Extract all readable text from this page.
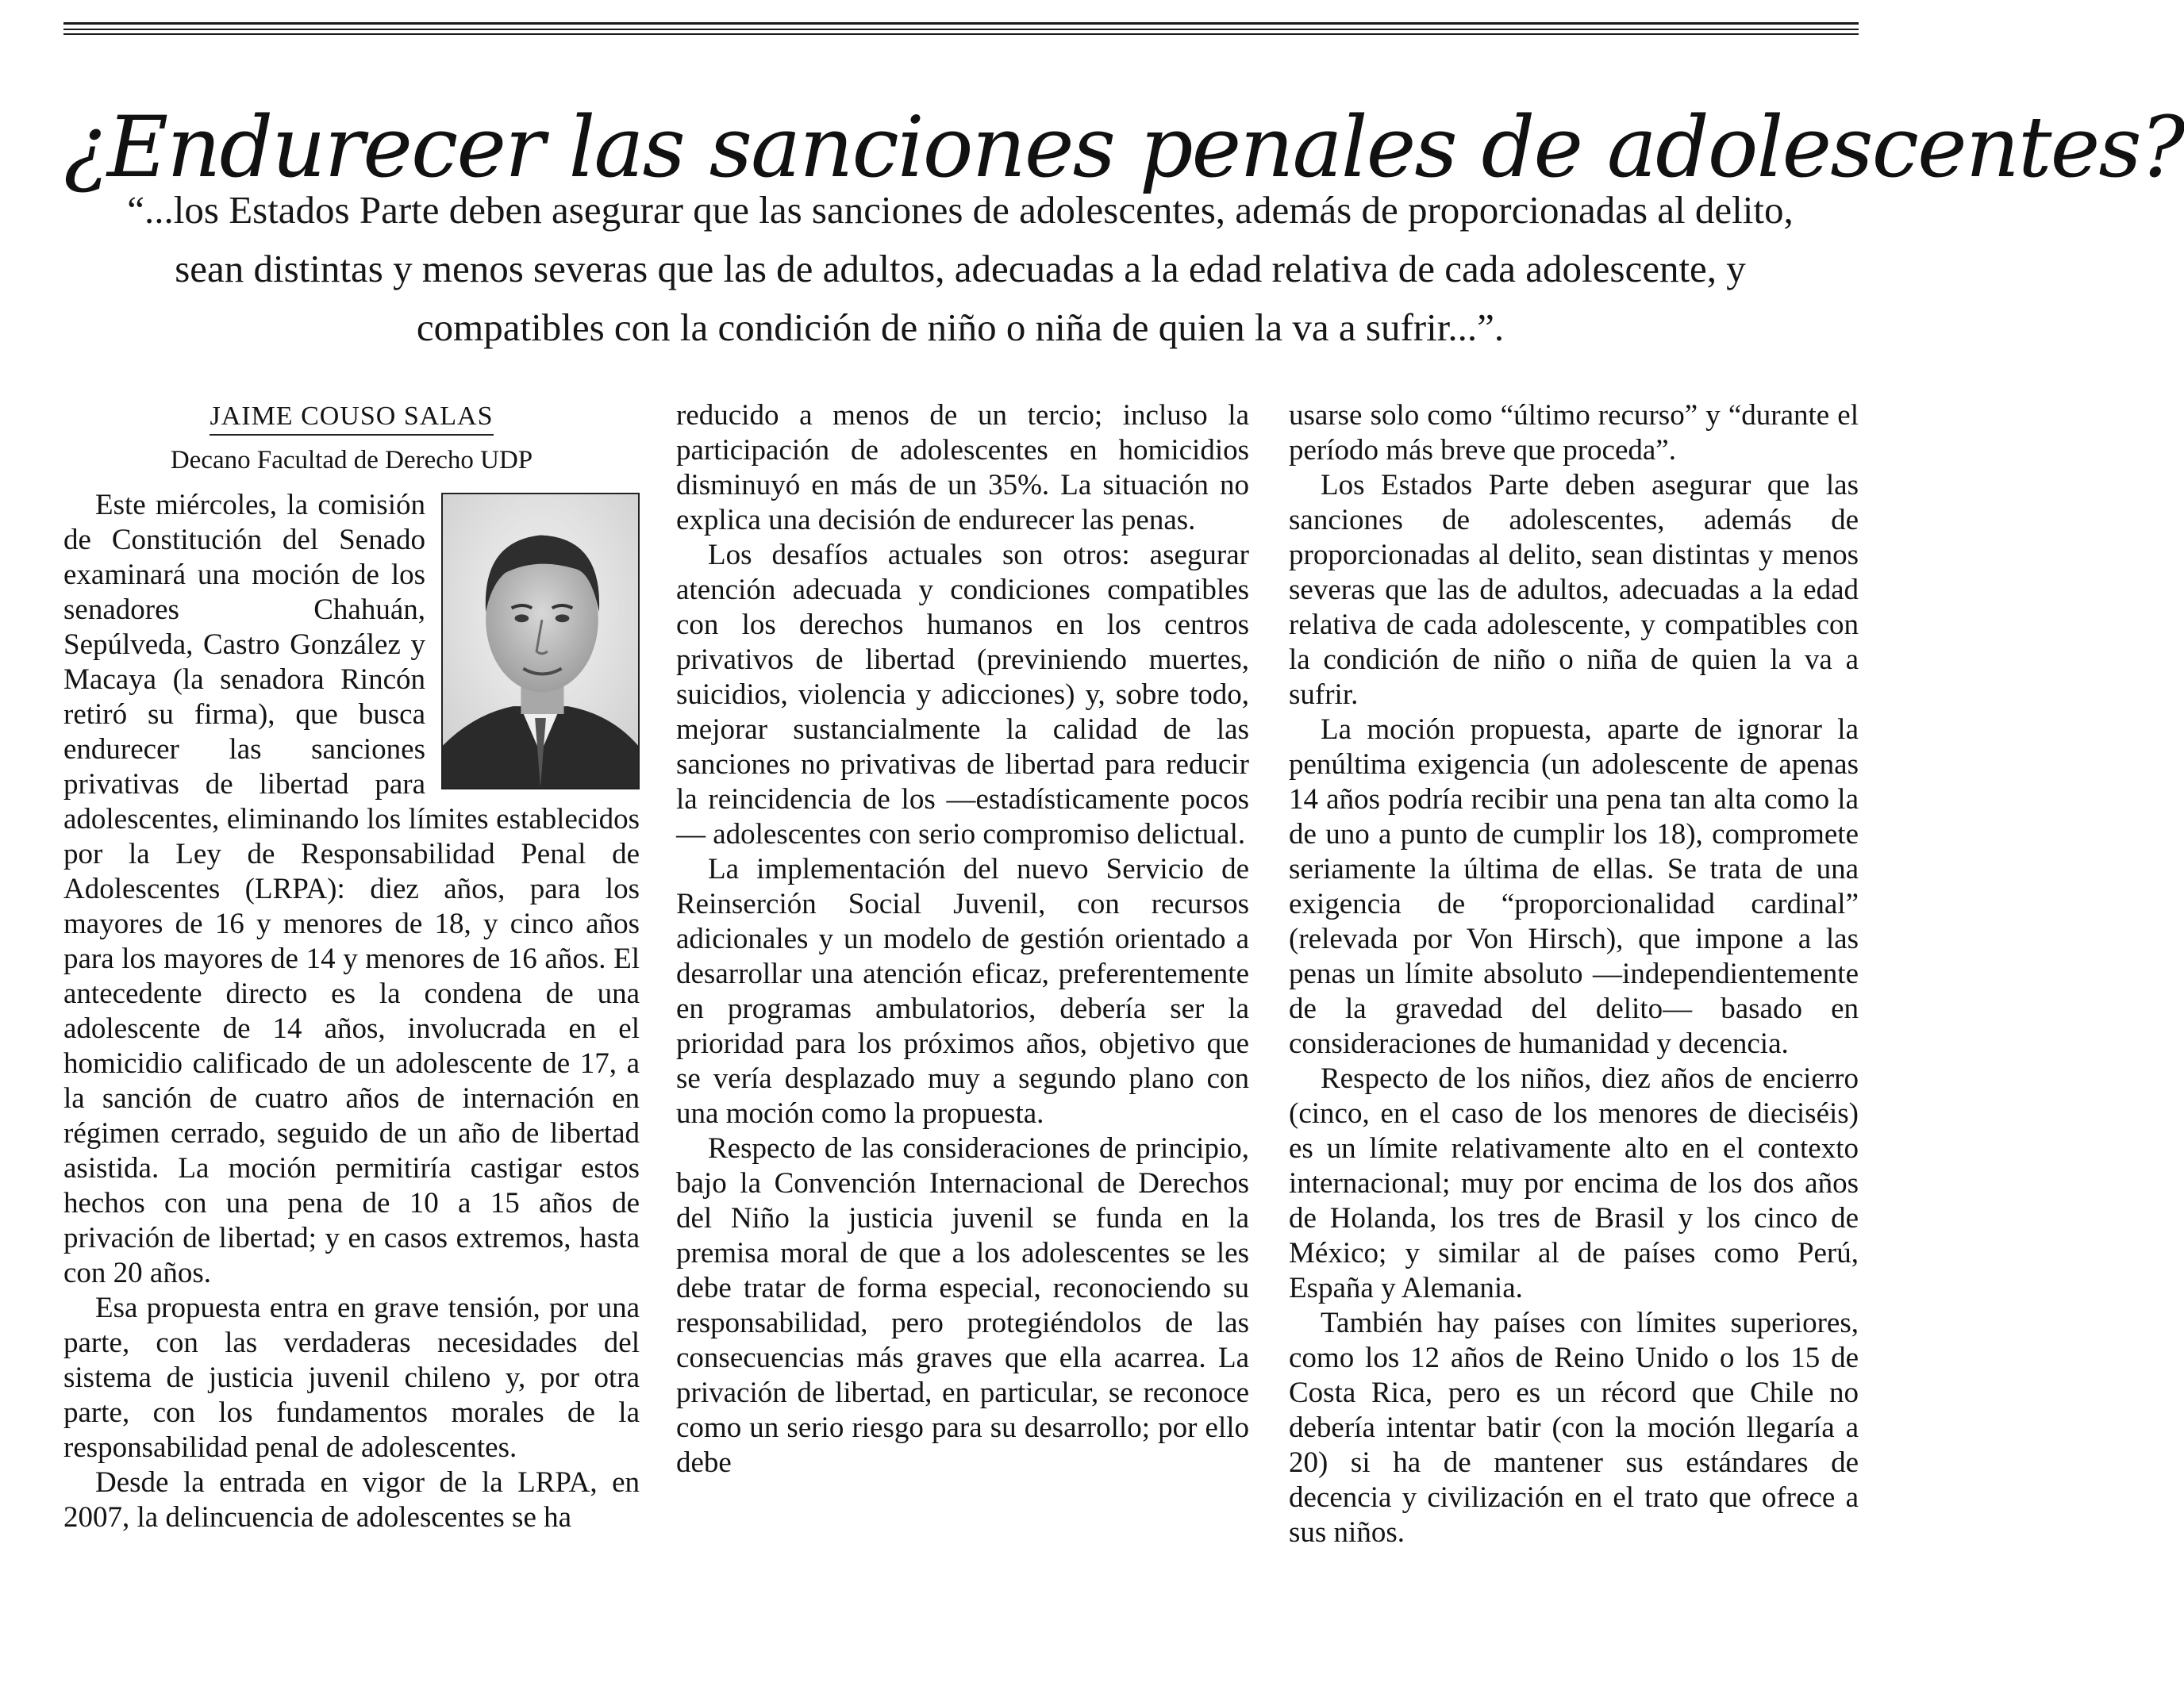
¿Endurecer las sanciones penales de adolescentes?
“...los Estados Parte deben asegurar que las sanciones de adolescentes, además de proporcionadas al delito, sean distintas y menos severas que las de adultos, adecuadas a la edad relativa de cada adolescente, y compatibles con la condición de niño o niña de quien la va a sufrir...”.
JAIME COUSO SALAS
Decano Facultad de Derecho UDP

Este miércoles, la comisión de Constitución del Senado examinará una moción de los senadores Chahuán, Sepúlveda, Castro González y Macaya (la senadora Rincón retiró su firma), que busca endurecer las sanciones privativas de libertad para adolescentes, eliminando los límites establecidos por la Ley de Responsabilidad Penal de Adolescentes (LRPA): diez años, para los mayores de 16 y menores de 18, y cinco años para los mayores de 14 y menores de 16 años. El antecedente directo es la condena de una adolescente de 14 años, involucrada en el homicidio calificado de un adolescente de 17, a la sanción de cuatro años de internación en régimen cerrado, seguido de un año de libertad asistida. La moción permitiría castigar estos hechos con una pena de 10 a 15 años de privación de libertad; y en casos extremos, hasta con 20 años.

Esa propuesta entra en grave tensión, por una parte, con las verdaderas necesidades del sistema de justicia juvenil chileno y, por otra parte, con los fundamentos morales de la responsabilidad penal de adolescentes.

Desde la entrada en vigor de la LRPA, en 2007, la delincuencia de adolescentes se ha

reducido a menos de un tercio; incluso la participación de adolescentes en homicidios disminuyó en más de un 35%. La situación no explica una decisión de endurecer las penas.

Los desafíos actuales son otros: asegurar atención adecuada y condiciones compatibles con los derechos humanos en los centros privativos de libertad (previniendo muertes, suicidios, violencia y adicciones) y, sobre todo, mejorar sustancialmente la calidad de las sanciones no privativas de libertad para reducir la reincidencia de los —estadísticamente pocos— adolescentes con serio compromiso delictual.

La implementación del nuevo Servicio de Reinserción Social Juvenil, con recursos adicionales y un modelo de gestión orientado a desarrollar una atención eficaz, preferentemente en programas ambulatorios, debería ser la prioridad para los próximos años, objetivo que se vería desplazado muy a segundo plano con una moción como la propuesta.

Respecto de las consideraciones de principio, bajo la Convención Internacional de Derechos del Niño la justicia juvenil se funda en la premisa moral de que a los adolescentes se les debe tratar de forma especial, reconociendo su responsabilidad, pero protegiéndolos de las consecuencias más graves que ella acarrea. La privación de libertad, en particular, se reconoce como un serio riesgo para su desarrollo; por ello debe

usarse solo como “último recurso” y “durante el período más breve que proceda”.

Los Estados Parte deben asegurar que las sanciones de adolescentes, además de proporcionadas al delito, sean distintas y menos severas que las de adultos, adecuadas a la edad relativa de cada adolescente, y compatibles con la condición de niño o niña de quien la va a sufrir.

La moción propuesta, aparte de ignorar la penúltima exigencia (un adolescente de apenas 14 años podría recibir una pena tan alta como la de uno a punto de cumplir los 18), compromete seriamente la última de ellas. Se trata de una exigencia de “proporcionalidad cardinal” (relevada por Von Hirsch), que impone a las penas un límite absoluto —independientemente de la gravedad del delito— basado en consideraciones de humanidad y decencia.

Respecto de los niños, diez años de encierro (cinco, en el caso de los menores de dieciséis) es un límite relativamente alto en el contexto internacional; muy por encima de los dos años de Holanda, los tres de Brasil y los cinco de México; y similar al de países como Perú, España y Alemania.

También hay países con límites superiores, como los 12 años de Reino Unido o los 15 de Costa Rica, pero es un récord que Chile no debería intentar batir (con la moción llegaría a 20) si ha de mantener sus estándares de decencia y civilización en el trato que ofrece a sus niños.
